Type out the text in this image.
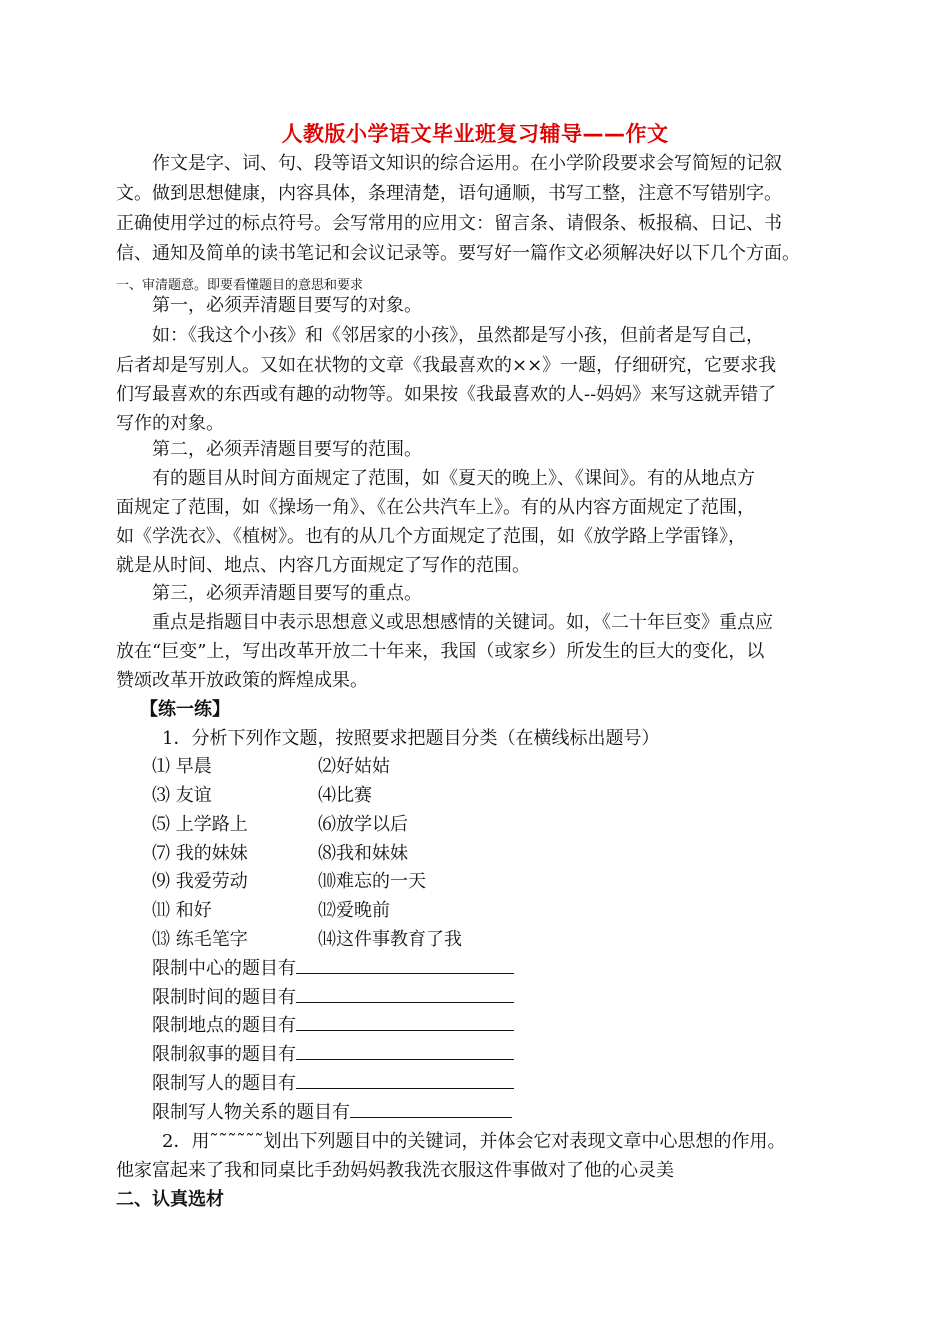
人教版小学语文毕业班复习辅导——作文
作文是字、词、句、段等语文知识的综合运用。在小学阶段要求会写简短的记叙
文。做到思想健康，内容具体，条理清楚，语句通顺，书写工整，注意不写错别字。
正确使用学过的标点符号。会写常用的应用文：留言条、请假条、板报稿、日记、书
信、通知及简单的读书笔记和会议记录等。要写好一篇作文必须解决好以下几个方面。
一、审清题意。即要看懂题目的意思和要求
第一，必须弄清题目要写的对象。
如：《我这个小孩》和《邻居家的小孩》，虽然都是写小孩，但前者是写自己，
后者却是写别人。又如在状物的文章《我最喜欢的××》一题，仔细研究，它要求我
们写最喜欢的东西或有趣的动物等。如果按《我最喜欢的人--妈妈》来写这就弄错了
写作的对象。
第二，必须弄清题目要写的范围。
有的题目从时间方面规定了范围，如《夏天的晚上》、《课间》。有的从地点方
面规定了范围，如《操场一角》、《在公共汽车上》。有的从内容方面规定了范围，
如《学洗衣》、《植树》。也有的从几个方面规定了范围，如《放学路上学雷锋》，
就是从时间、地点、内容几方面规定了写作的范围。
第三，必须弄清题目要写的重点。
重点是指题目中表示思想意义或思想感情的关键词。如，《二十年巨变》重点应
放在“巨变”上，写出改革开放二十年来，我国（或家乡）所发生的巨大的变化，以
赞颂改革开放政策的辉煌成果。
【练一练】
1．分析下列作文题，按照要求把题目分类（在横线标出题号）
⑴ 早晨	⑵好姑姑
⑶ 友谊	⑷比赛
⑸ 上学路上	⑹放学以后
⑺ 我的妹妹	⑻我和妹妹
⑼ 我爱劳动	⑽难忘的一天
⑾ 和好	⑿爱晚前
⒀ 练毛笔字	⒁这件事教育了我
限制中心的题目有
限制时间的题目有
限制地点的题目有
限制叙事的题目有
限制写人的题目有
限制写人物关系的题目有
2．用˜˜˜˜˜˜划出下列题目中的关键词，并体会它对表现文章中心思想的作用。
他家富起来了我和同桌比手劲妈妈教我洗衣服这件事做对了他的心灵美
二、认真选材
